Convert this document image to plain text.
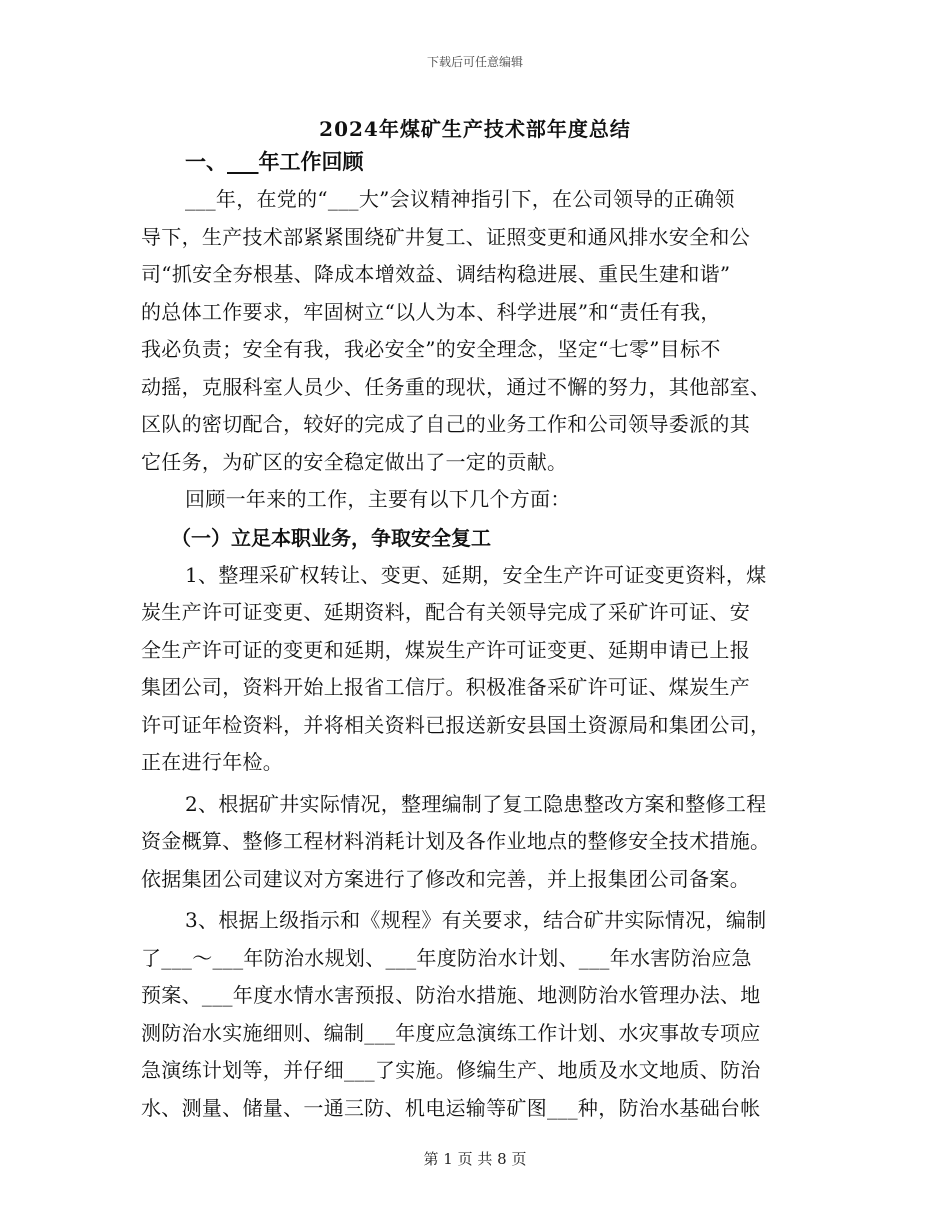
下载后可任意编辑
2024年煤矿生产技术部年度总结
一、___年工作回顾
___年，在党的“___大”会议精神指引下，在公司领导的正确领
导下，生产技术部紧紧围绕矿井复工、证照变更和通风排水安全和公
司“抓安全夯根基、降成本增效益、调结构稳进展、重民生建和谐”
的总体工作要求，牢固树立“以人为本、科学进展”和“责任有我，
我必负责；安全有我，我必安全”的安全理念，坚定“七零”目标不
动摇，克服科室人员少、任务重的现状，通过不懈的努力，其他部室、
区队的密切配合，较好的完成了自己的业务工作和公司领导委派的其
它任务，为矿区的安全稳定做出了一定的贡献。
回顾一年来的工作，主要有以下几个方面：
（一）立足本职业务，争取安全复工
1、整理采矿权转让、变更、延期，安全生产许可证变更资料，煤
炭生产许可证变更、延期资料，配合有关领导完成了采矿许可证、安
全生产许可证的变更和延期，煤炭生产许可证变更、延期申请已上报
集团公司，资料开始上报省工信厅。积极准备采矿许可证、煤炭生产
许可证年检资料，并将相关资料已报送新安县国土资源局和集团公司，
正在进行年检。
2、根据矿井实际情况，整理编制了复工隐患整改方案和整修工程
资金概算、整修工程材料消耗计划及各作业地点的整修安全技术措施。
依据集团公司建议对方案进行了修改和完善，并上报集团公司备案。
3、根据上级指示和《规程》有关要求，结合矿井实际情况，编制
了___～___年防治水规划、___年度防治水计划、___年水害防治应急
预案、___年度水情水害预报、防治水措施、地测防治水管理办法、地
测防治水实施细则、编制___年度应急演练工作计划、水灾事故专项应
急演练计划等，并仔细___了实施。修编生产、地质及水文地质、防治
水、测量、储量、一通三防、机电运输等矿图___种，防治水基础台帐
第 1 页 共 8 页
